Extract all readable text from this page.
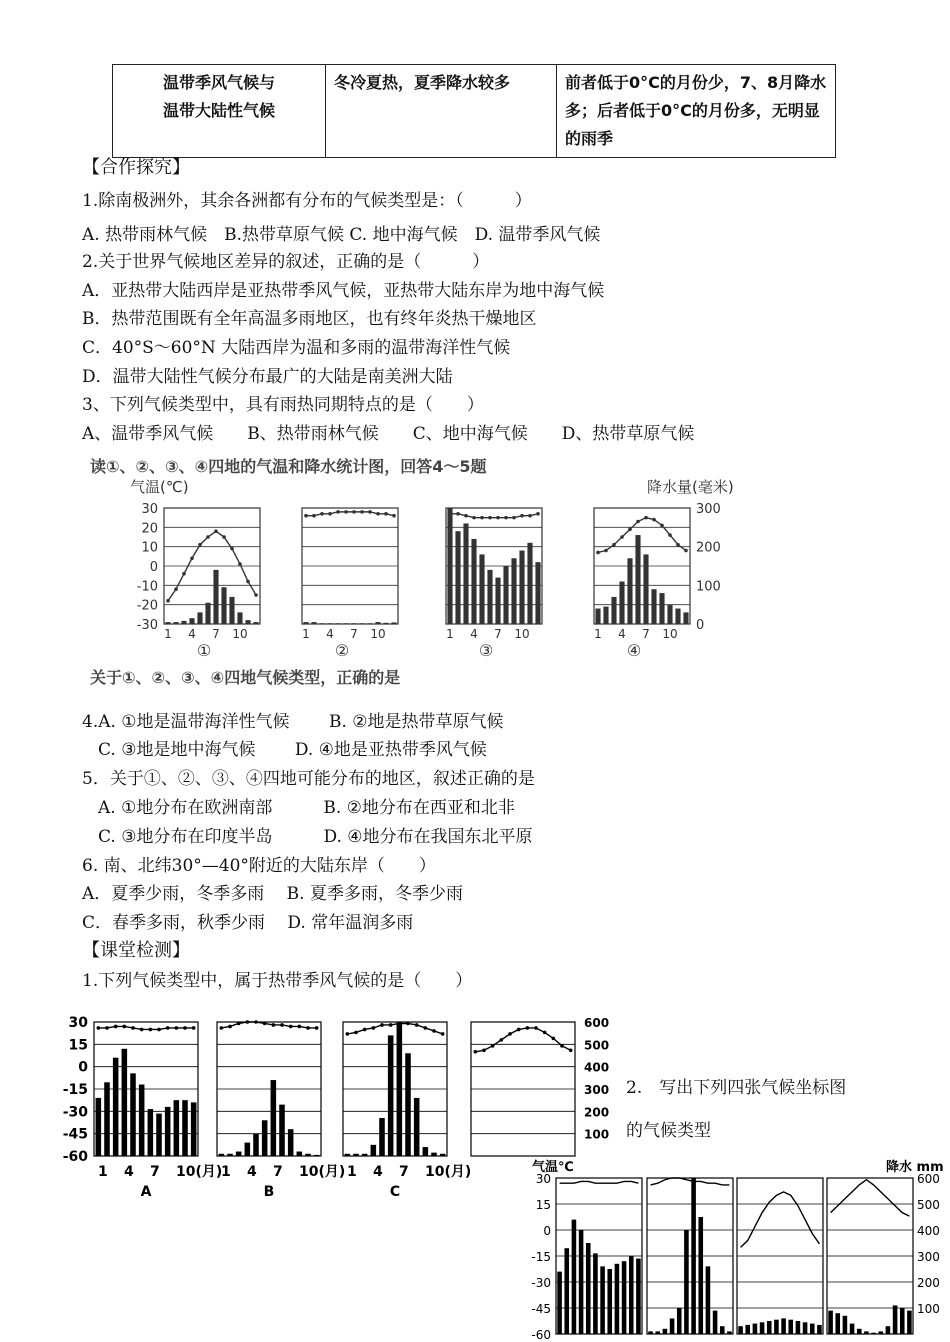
温带季风气候与
温带大陆性气候	冬冷夏热，夏季降水较多	前者低于0°C的月份少，7、8月降水多；后者低于0°C的月份多，无明显的雨季
【合作探究】
1.除南极洲外，其余各洲都有分布的气候类型是：（　　　）
A. 热带雨林气候　B.热带草原气候 C. 地中海气候　D. 温带季风气候
2.关于世界气候地区差异的叙述，正确的是（　　　）
A．亚热带大陆西岸是亚热带季风气候，亚热带大陆东岸为地中海气候
B．热带范围既有全年高温多雨地区，也有终年炎热干燥地区
C．40°S～60°N 大陆西岸为温和多雨的温带海洋性气候
D．温带大陆性气候分布最广的大陆是南美洲大陆
3、下列气候类型中，具有雨热同期特点的是（　　）
A、温带季风气候　　B、热带雨林气候　　C、地中海气候　　D、热带草原气候
读①、②、③、④四地的气温和降水统计图，回答4～5题
气温(℃)	降水量(毫米)
30
20
10
0
-10
-20
-30
300
200
100
0
1 4 7 10
①
1 4 7 10
②
1 4 7 10
③
1 4 7 10
④
关于①、②、③、④四地气候类型，正确的是
4.A. ①地是温带海洋性气候　　 B. ②地是热带草原气候
C. ③地是地中海气候　　 D. ④地是亚热带季风气候
5．关于①、②、③、④四地可能分布的地区，叙述正确的是
A. ①地分布在欧洲南部　　　B. ②地分布在西亚和北非
C. ③地分布在印度半岛　　　D. ④地分布在我国东北平原
6. 南、北纬30°—40°附近的大陆东岸（　　）
A．夏季少雨，冬季多雨　 B. 夏季多雨，冬季少雨
C．春季多雨，秋季少雨　 D. 常年温润多雨
【课堂检测】
1.下列气候类型中，属于热带季风气候的是（　　）
30
15
0
-15
-30
-45
-60
600
500
400
300
200
100
1 4 7 10(月)
A
1 4 7 10(月)
B
1 4 7 10(月)
C
2.　写出下列四张气候坐标图
的气候类型
气温℃	降水 mm
30
15
0
-15
-30
-45
-60
600
500
400
300
200
100
